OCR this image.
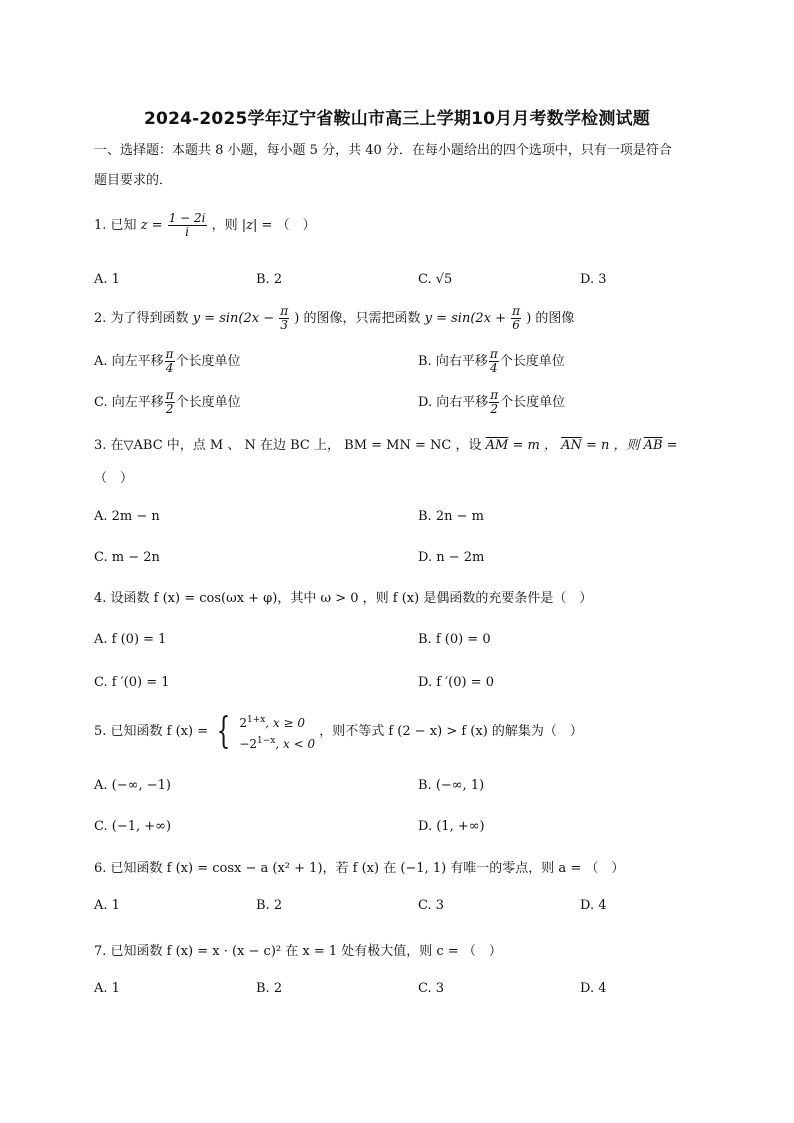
2024-2025学年辽宁省鞍山市高三上学期10月月考数学检测试题
一、选择题：本题共 8 小题，每小题 5 分，共 40 分．在每小题给出的四个选项中，只有一项是符合
题目要求的．
1. 已知 $z = \frac{1 - 2i}{i}$ ，则 |z| = （　）
A. 1	B. 2	C. √5	D. 3
2. 为了得到函数 $y = \sin(2x - \frac{\pi}{3}$ ) 的图像，只需把函数 $y = \sin(2x + \frac{\pi}{6}$ ) 的图像
A. 向左平移 $\frac{\pi}{4}$ 个长度单位	B. 向右平移 $\frac{\pi}{4}$ 个长度单位
C. 向左平移 $\frac{\pi}{2}$ 个长度单位	D. 向右平移 $\frac{\pi}{2}$ 个长度单位
3. 在▽ABC 中，点 M 、 N 在边 BC 上， BM = MN = NC ，设 $\overline{AM} = m$ ， $\overline{AN} = n$ ，则 $\overline{AB}$ =
（　）
A. 2m − n	B. 2n − m
C. m − 2n	D. n − 2m
4. 设函数 f (x) = cos(ωx + φ)，其中 ω > 0 ，则 f (x) 是偶函数的充要条件是（　）
A. f (0) = 1	B. f (0) = 0
C. f ′(0) = 1	D. f ′(0) = 0
5. 已知函数 f (x) = { $2^{1+x}$, x ≥ 0
$-2^{1-x}$, x < 0
，则不等式 f (2 − x) > f (x) 的解集为（　）
A. (−∞, −1)	B. (−∞, 1)
C. (−1, +∞)	D. (1, +∞)
6. 已知函数 f (x) = cosx − a (x² + 1)，若 f (x) 在 (−1, 1) 有唯一的零点，则 a = （　）
A. 1	B. 2	C. 3	D. 4
7. 已知函数 f (x) = x · (x − c)² 在 x = 1 处有极大值，则 c = （　）
A. 1	B. 2	C. 3	D. 4
